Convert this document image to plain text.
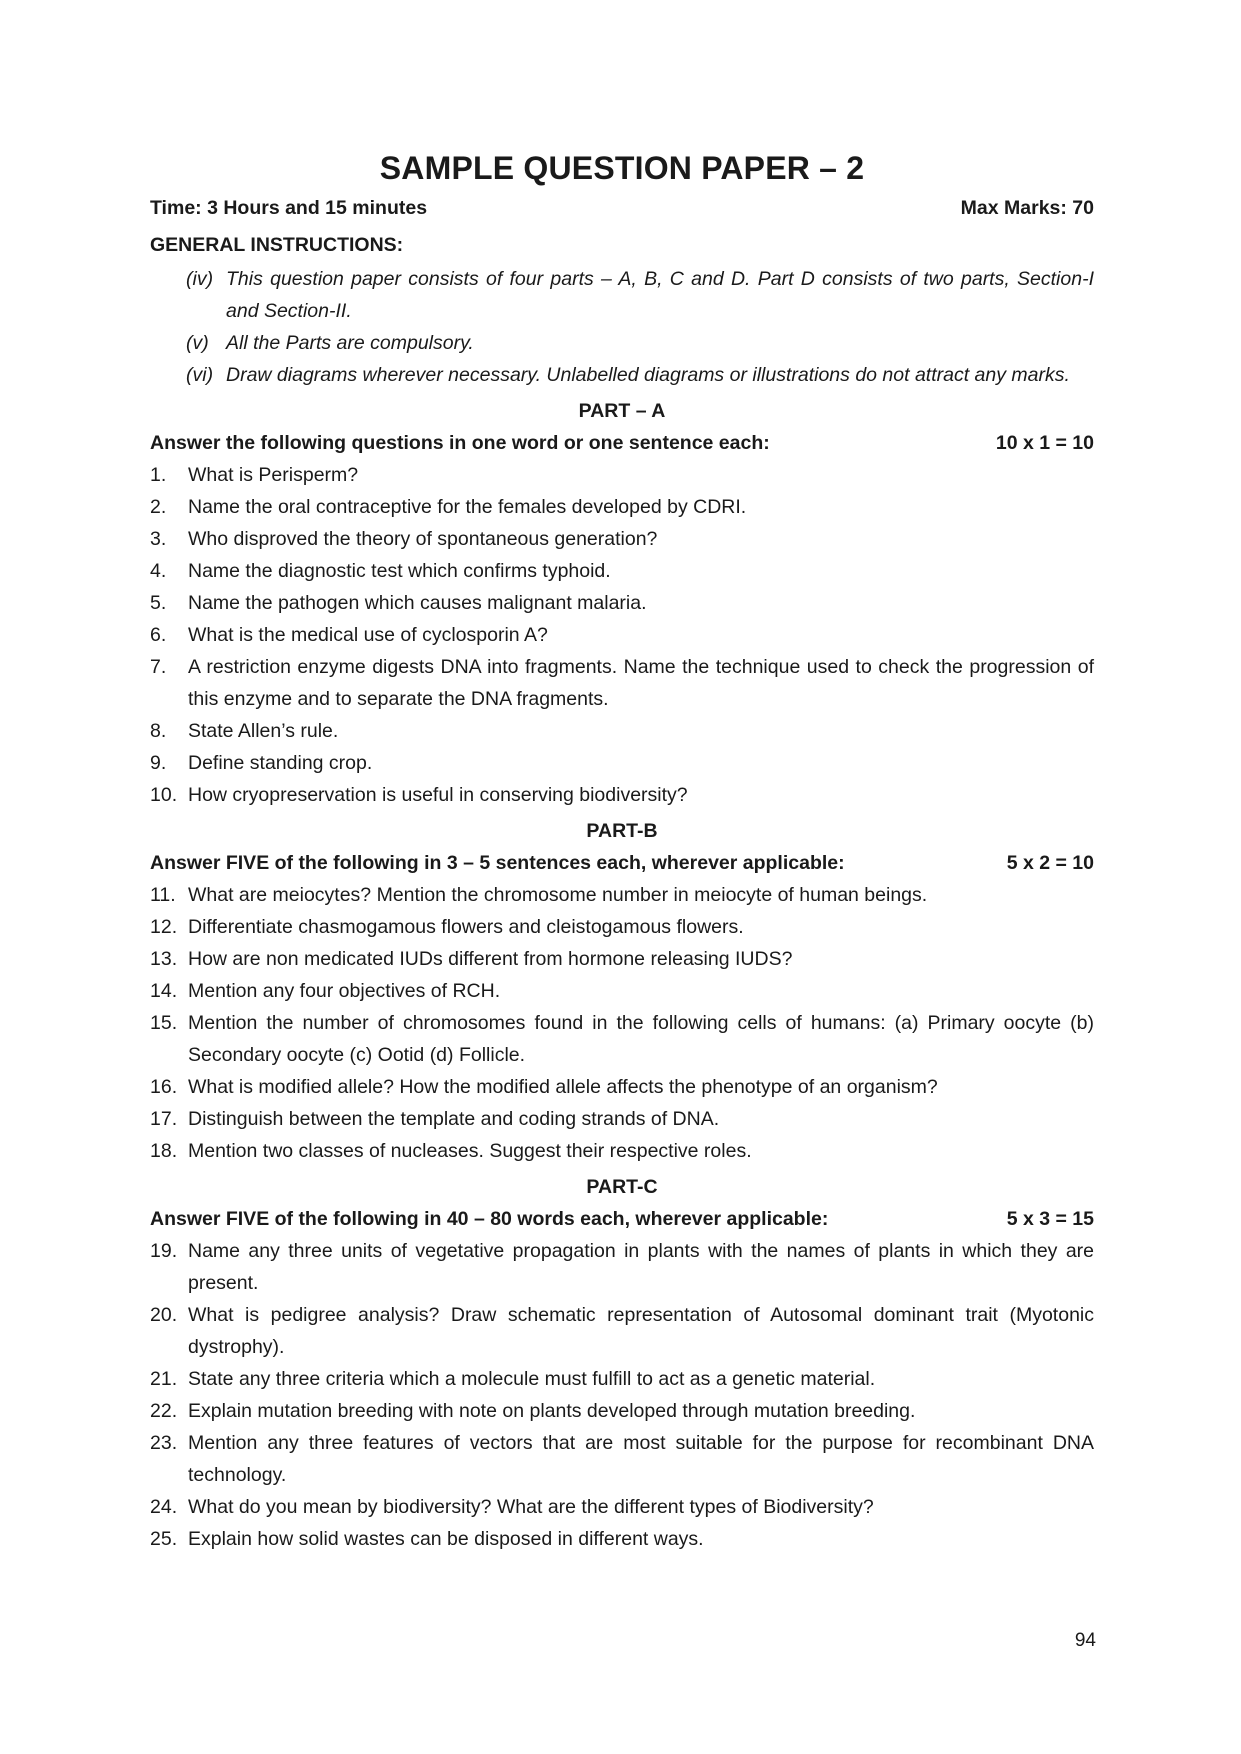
SAMPLE QUESTION PAPER – 2
Time: 3 Hours and 15 minutes	Max Marks: 70
GENERAL INSTRUCTIONS:
(iv) This question paper consists of four parts – A, B, C and D. Part D consists of two parts, Section-I and Section-II.
(v) All the Parts are compulsory.
(vi) Draw diagrams wherever necessary. Unlabelled diagrams or illustrations do not attract any marks.
PART – A
Answer the following questions in one word or one sentence each:	10 x 1 = 10
1.	What is Perisperm?
2.	Name the oral contraceptive for the females developed by CDRI.
3.	Who disproved the theory of spontaneous generation?
4.	Name the diagnostic test which confirms typhoid.
5.	Name the pathogen which causes malignant malaria.
6.	What is the medical use of cyclosporin A?
7.	A restriction enzyme digests DNA into fragments. Name the technique used to check the progression of this enzyme and to separate the DNA fragments.
8.	State Allen’s rule.
9.	Define standing crop.
10. How cryopreservation is useful in conserving biodiversity?
PART-B
Answer FIVE of the following in 3 – 5 sentences each, wherever applicable:	5 x 2 = 10
11. What are meiocytes? Mention the chromosome number in meiocyte of human beings.
12. Differentiate chasmogamous flowers and cleistogamous flowers.
13. How are non medicated IUDs different from hormone releasing IUDS?
14. Mention any four objectives of RCH.
15. Mention the number of chromosomes found in the following cells of humans: (a) Primary oocyte (b) Secondary oocyte (c) Ootid (d) Follicle.
16. What is modified allele? How the modified allele affects the phenotype of an organism?
17. Distinguish between the template and coding strands of DNA.
18. Mention two classes of nucleases. Suggest their respective roles.
PART-C
Answer FIVE of the following in 40 – 80 words each, wherever applicable:	5 x 3 = 15
19. Name any three units of vegetative propagation in plants with the names of plants in which they are present.
20. What is pedigree analysis? Draw schematic representation of Autosomal dominant trait (Myotonic dystrophy).
21. State any three criteria which a molecule must fulfill to act as a genetic material.
22. Explain mutation breeding with note on plants developed through mutation breeding.
23. Mention any three features of vectors that are most suitable for the purpose for recombinant DNA technology.
24. What do you mean by biodiversity? What are the different types of Biodiversity?
25. Explain how solid wastes can be disposed in different ways.
94
